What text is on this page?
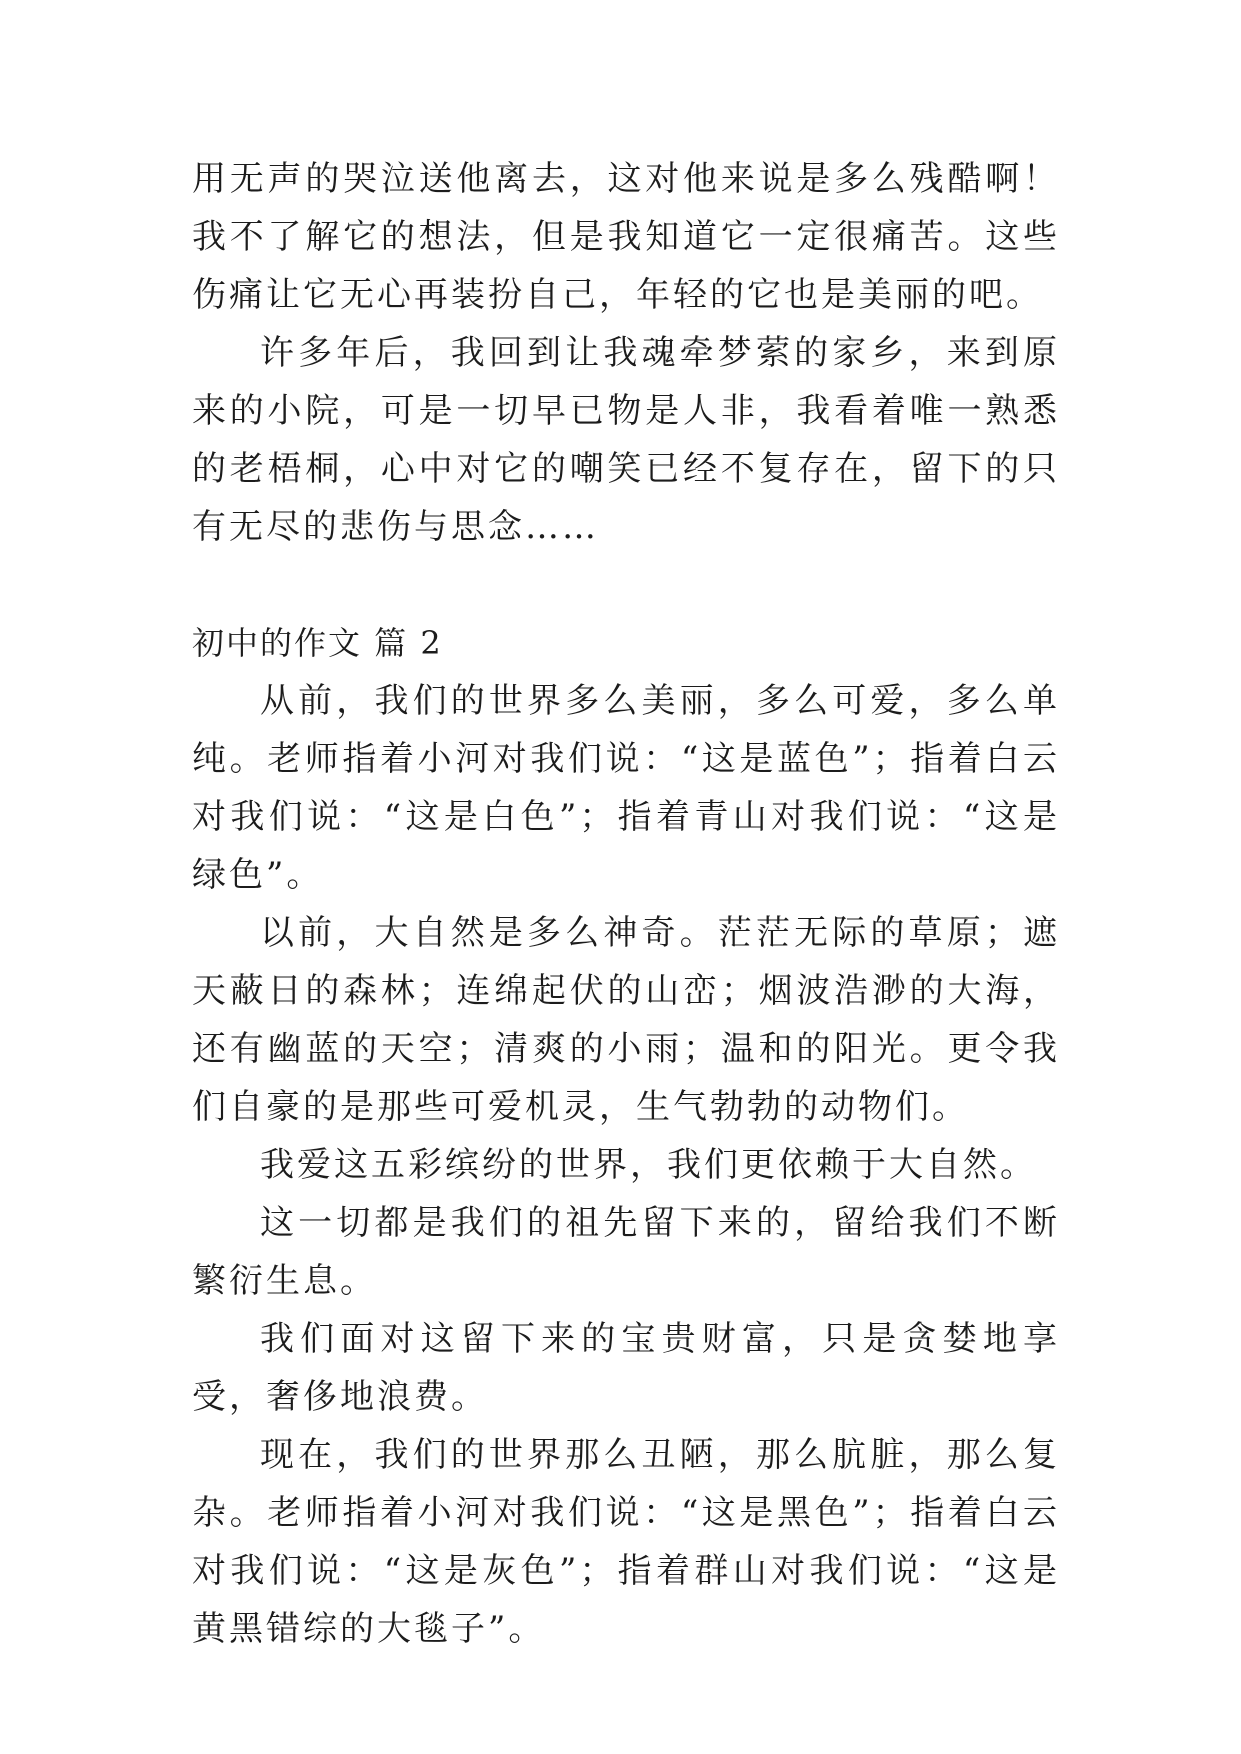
用无声的哭泣送他离去，这对他来说是多么残酷啊！我不了解它的想法，但是我知道它一定很痛苦。这些伤痛让它无心再装扮自己，年轻的它也是美丽的吧。

许多年后，我回到让我魂牵梦萦的家乡，来到原来的小院，可是一切早已物是人非，我看着唯一熟悉的老梧桐，心中对它的嘲笑已经不复存在，留下的只有无尽的悲伤与思念……

初中的作文 篇 2

从前，我们的世界多么美丽，多么可爱，多么单纯。老师指着小河对我们说：“这是蓝色”；指着白云对我们说：“这是白色”；指着青山对我们说：“这是绿色”。

以前，大自然是多么神奇。茫茫无际的草原；遮天蔽日的森林；连绵起伏的山峦；烟波浩渺的大海，还有幽蓝的天空；清爽的小雨；温和的阳光。更令我们自豪的是那些可爱机灵，生气勃勃的动物们。

我爱这五彩缤纷的世界，我们更依赖于大自然。

这一切都是我们的祖先留下来的，留给我们不断繁衍生息。

我们面对这留下来的宝贵财富，只是贪婪地享受，奢侈地浪费。

现在，我们的世界那么丑陋，那么肮脏，那么复杂。老师指着小河对我们说：“这是黑色”；指着白云对我们说：“这是灰色”；指着群山对我们说：“这是黄黑错综的大毯子”。
